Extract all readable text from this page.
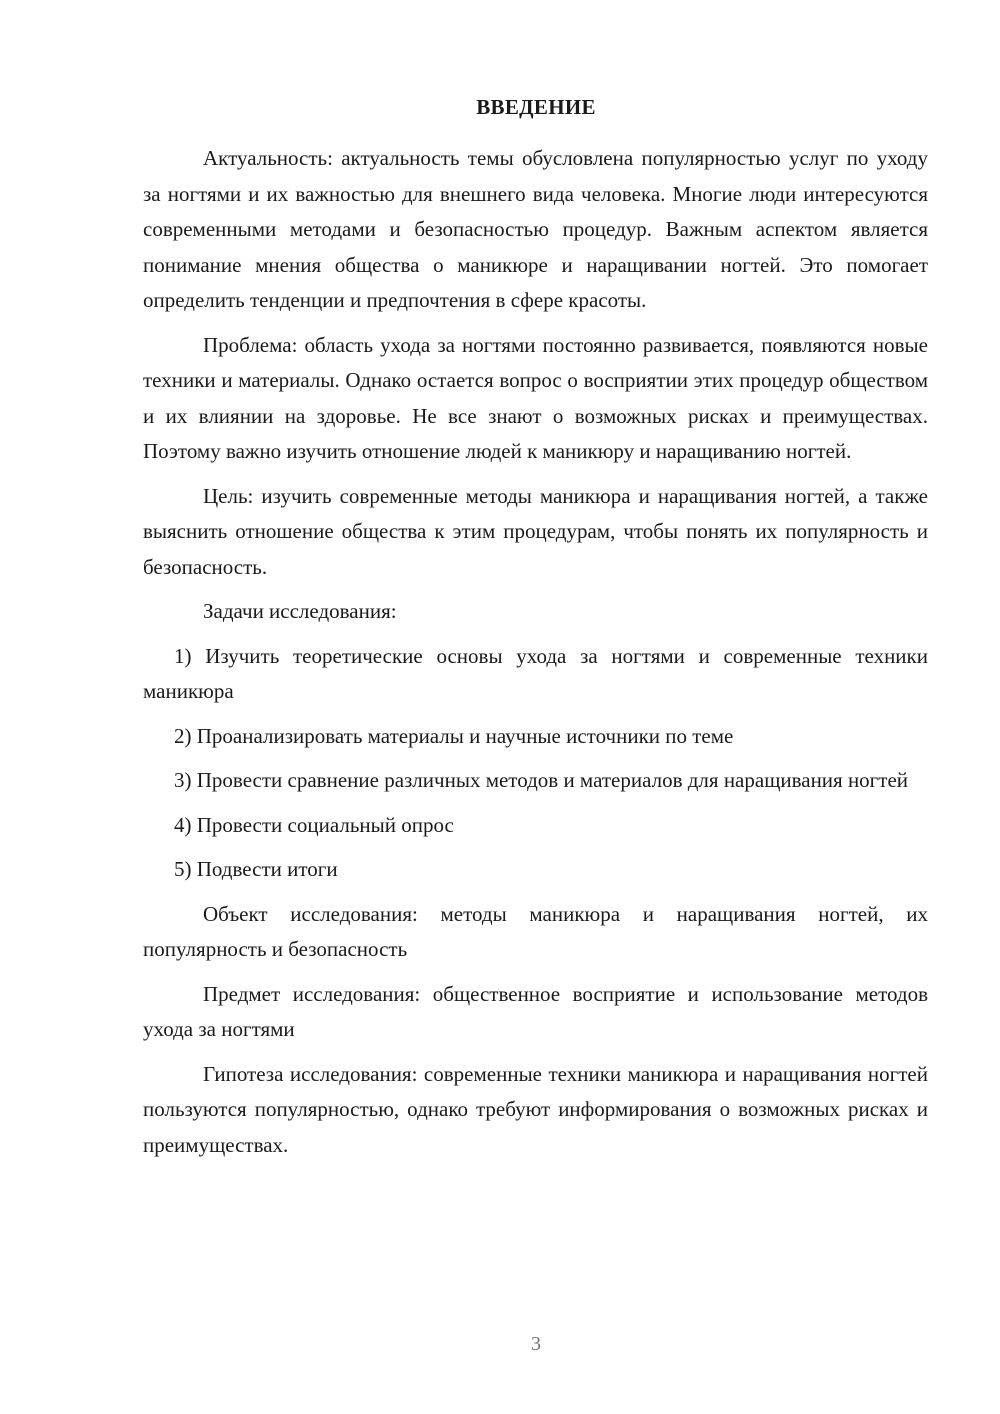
ВВЕДЕНИЕ

Актуальность: актуальность темы обусловлена популярностью услуг по уходу за ногтями и их важностью для внешнего вида человека. Многие люди интересуются современными методами и безопасностью процедур. Важным аспектом является понимание мнения общества о маникюре и наращивании ногтей. Это помогает определить тенденции и предпочтения в сфере красоты.

Проблема: область ухода за ногтями постоянно развивается, появляются новые техники и материалы. Однако остается вопрос о восприятии этих процедур обществом и их влиянии на здоровье. Не все знают о возможных рисках и преимуществах. Поэтому важно изучить отношение людей к маникюру и наращиванию ногтей.

Цель: изучить современные методы маникюра и наращивания ногтей, а также выяснить отношение общества к этим процедурам, чтобы понять их популярность и безопасность.

Задачи исследования:

1) Изучить теоретические основы ухода за ногтями и современные техники маникюра

2) Проанализировать материалы и научные источники по теме

3) Провести сравнение различных методов и материалов для наращивания ногтей

4) Провести социальный опрос

5) Подвести итоги

Объект исследования: методы маникюра и наращивания ногтей, их популярность и безопасность

Предмет исследования: общественное восприятие и использование методов ухода за ногтями

Гипотеза исследования: современные техники маникюра и наращивания ногтей пользуются популярностью, однако требуют информирования о возможных рисках и преимуществах.

3
